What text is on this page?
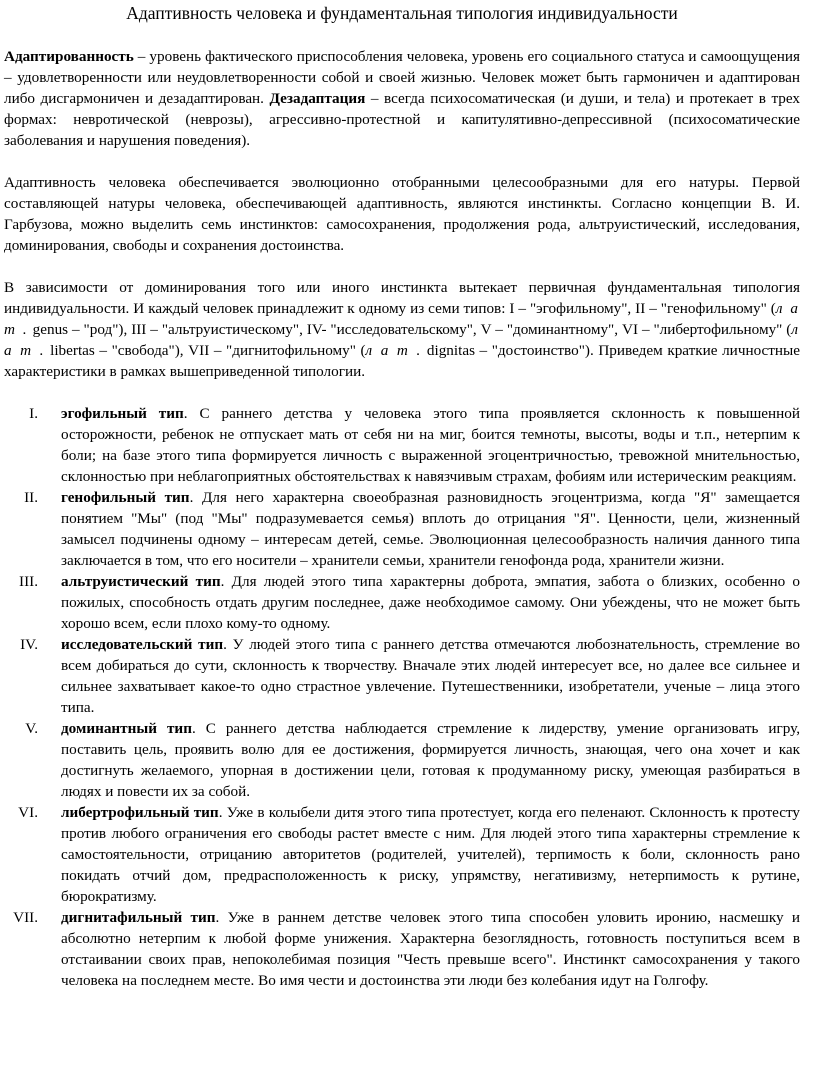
Адаптивность человека и фундаментальная типология индивидуальности

Адаптированность – уровень фактического приспособления человека, уровень его социального статуса и самоощущения – удовлетворенности или неудовлетворенности собой и своей жизнью. Человек может быть гармоничен и адаптирован либо дисгармоничен и дезадаптирован. Дезадаптация – всегда психосоматическая (и души, и тела) и протекает в трех формах: невротической (неврозы), агрессивно-протестной и капитулятивно-депрессивной (психосоматические заболевания и нарушения поведения).

Адаптивность человека обеспечивается эволюционно отобранными целесообразными для его натуры. Первой составляющей натуры человека, обеспечивающей адаптивность, являются инстинкты. Согласно концепции В. И. Гарбузова, можно выделить семь инстинктов: самосохранения, продолжения рода, альтруистический, исследования, доминирования, свободы и сохранения достоинства.

В зависимости от доминирования того или иного инстинкта вытекает первичная фундаментальная типология индивидуальности. И каждый человек принадлежит к одному из семи типов: I – "эгофильному", II – "генофильному" (л а т . genus – "род"), III – "альтруистическому", IV- "исследовательскому", V – "доминантному", VI – "либертофильному" (л а т . libertas – "свобода"), VII – "дигнитофильному" (л а т . dignitas – "достоинство"). Приведем краткие личностные характеристики в рамках вышеприведенной типологии.

I. эгофильный тип. С раннего детства у человека этого типа проявляется склонность к повышенной осторожности, ребенок не отпускает мать от себя ни на миг, боится темноты, высоты, воды и т.п., нетерпим к боли; на базе этого типа формируется личность с выраженной эгоцентричностью, тревожной мнительностью, склонностью при неблагоприятных обстоятельствах к навязчивым страхам, фобиям или истерическим реакциям.
II. генофильный тип. Для него характерна своеобразная разновидность эгоцентризма, когда "Я" замещается понятием "Мы" (под "Мы" подразумевается семья) вплоть до отрицания "Я". Ценности, цели, жизненный замысел подчинены одному – интересам детей, семье. Эволюционная целесообразность наличия данного типа заключается в том, что его носители – хранители семьи, хранители генофонда рода, хранители жизни.
III. альтруистический тип. Для людей этого типа характерны доброта, эмпатия, забота о близких, особенно о пожилых, способность отдать другим последнее, даже необходимое самому. Они убеждены, что не может быть хорошо всем, если плохо кому-то одному.
IV. исследовательский тип. У людей этого типа с раннего детства отмечаются любознательность, стремление во всем добираться до сути, склонность к творчеству. Вначале этих людей интересует все, но далее все сильнее и сильнее захватывает какое-то одно страстное увлечение. Путешественники, изобретатели, ученые – лица этого типа.
V. доминантный тип. С раннего детства наблюдается стремление к лидерству, умение организовать игру, поставить цель, проявить волю для ее достижения, формируется личность, знающая, чего она хочет и как достигнуть желаемого, упорная в достижении цели, готовая к продуманному риску, умеющая разбираться в людях и повести их за собой.
VI. либертрофильный тип. Уже в колыбели дитя этого типа протестует, когда его пеленают. Склонность к протесту против любого ограничения его свободы растет вместе с ним. Для людей этого типа характерны стремление к самостоятельности, отрицанию авторитетов (родителей, учителей), терпимость к боли, склонность рано покидать отчий дом, предрасположенность к риску, упрямству, негативизму, нетерпимость к рутине, бюрократизму.
VII. дигнитафильный тип. Уже в раннем детстве человек этого типа способен уловить иронию, насмешку и абсолютно нетерпим к любой форме унижения. Характерна безоглядность, готовность поступиться всем в отстаивании своих прав, непоколебимая позиция "Честь превыше всего". Инстинкт самосохранения у такого человека на последнем месте. Во имя чести и достоинства эти люди без колебания идут на Голгофу.
